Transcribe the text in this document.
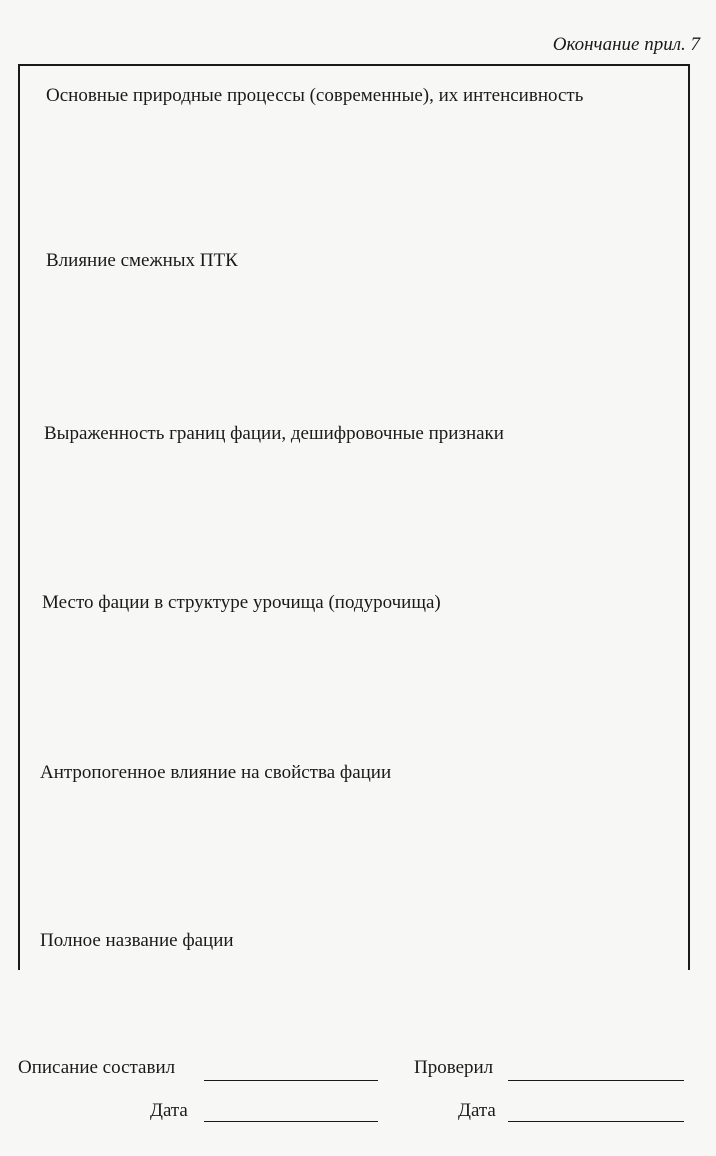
Окончание прил. 7
Основные природные процессы (современные), их интенсивность
Влияние смежных ПТК
Выраженность границ фации, дешифровочные признаки
Место фации в структуре урочища (подурочища)
Антропогенное влияние на свойства фации
Полное название фации
Описание составил	Проверил
Дата	Дата
